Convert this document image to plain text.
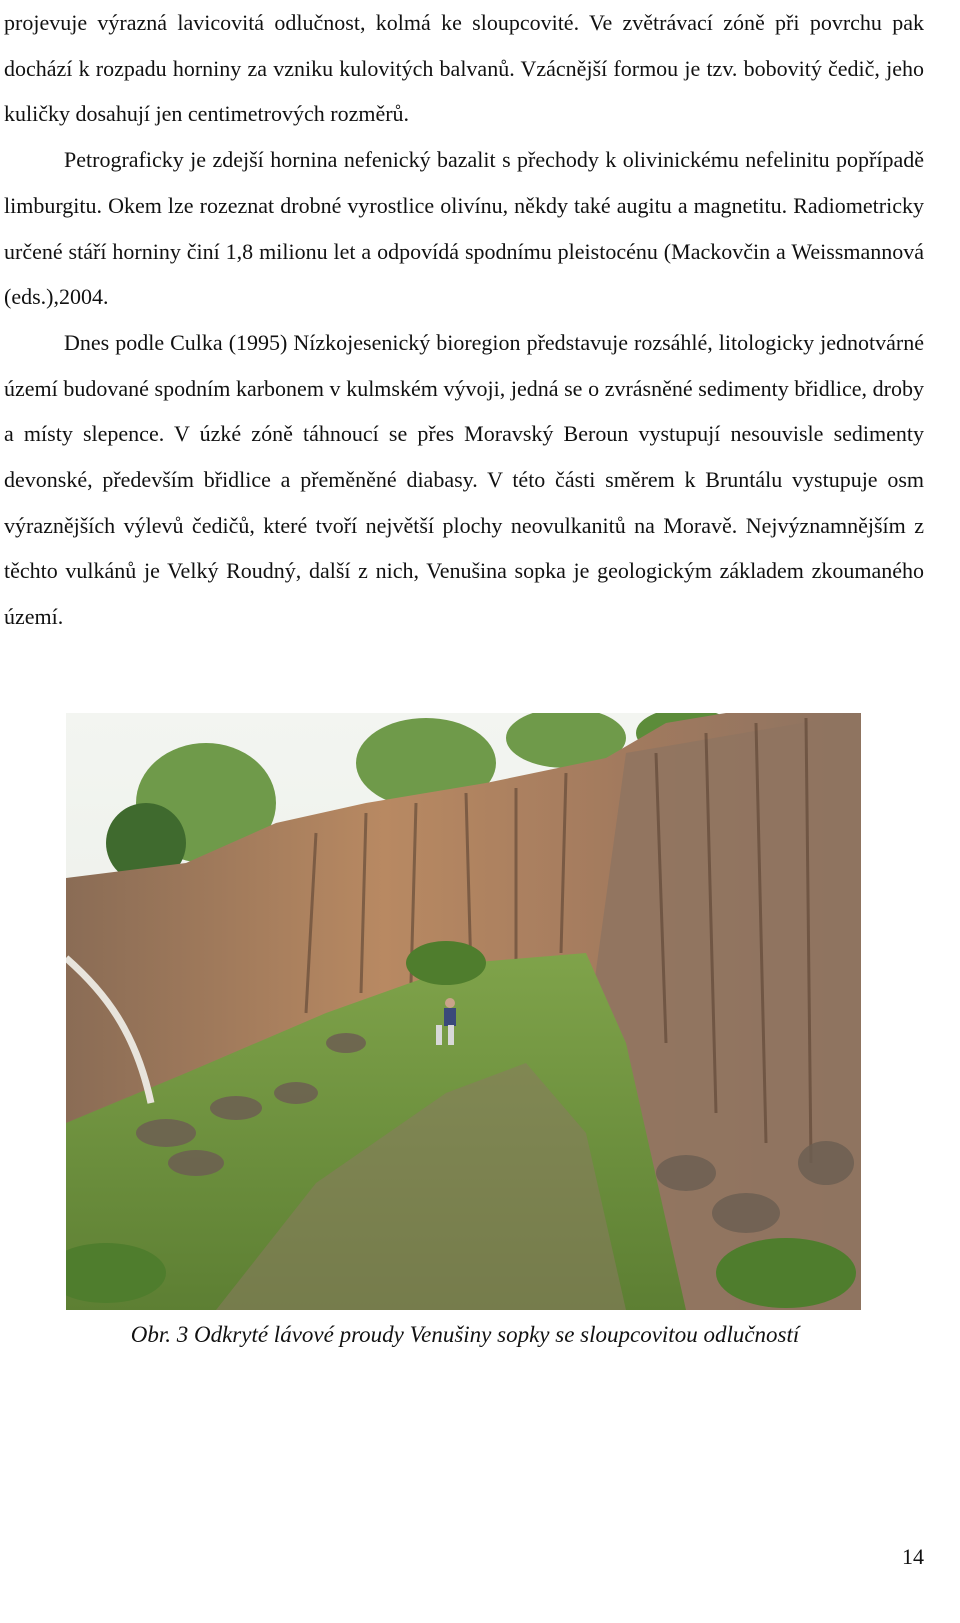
projevuje výrazná lavicovitá odlučnost, kolmá ke sloupcovité. Ve zvětrávací zóně při povrchu pak dochází k rozpadu horniny za vzniku kulovitých balvanů. Vzácnější formou je tzv. bobovitý čedič, jeho kuličky dosahují jen centimetrových rozměrů.

Petrograficky je zdejší hornina nefenický bazalit s přechody k olivinickému nefelinitu popřípadě limburgitu. Okem lze rozeznat drobné vyrostlice olivínu, někdy také augitu a magnetitu. Radiometricky určené stáří horniny činí 1,8 milionu let a odpovídá spodnímu pleistocénu (Mackovčin a Weissmannová (eds.),2004.

Dnes podle Culka (1995) Nízkojesenický bioregion představuje rozsáhlé, litologicky jednotvárné území budované spodním karbonem v kulmském vývoji, jedná se o zvrásněné sedimenty břidlice, droby a místy slepence. V úzké zóně táhnoucí se přes Moravský Beroun vystupují nesouvisle sedimenty devonské, především břidlice a přeměněné diabasy. V této části směrem k Bruntálu vystupuje osm výraznějších výlevů čedičů, které tvoří největší plochy neovulkanitů na Moravě. Nejvýznamnějším z těchto vulkánů je Velký Roudný, další z nich, Venušina sopka je geologickým základem zkoumaného území.

Obr. 3 Odkryté lávové proudy Venušiny sopky se sloupcovitou odlučností
14
